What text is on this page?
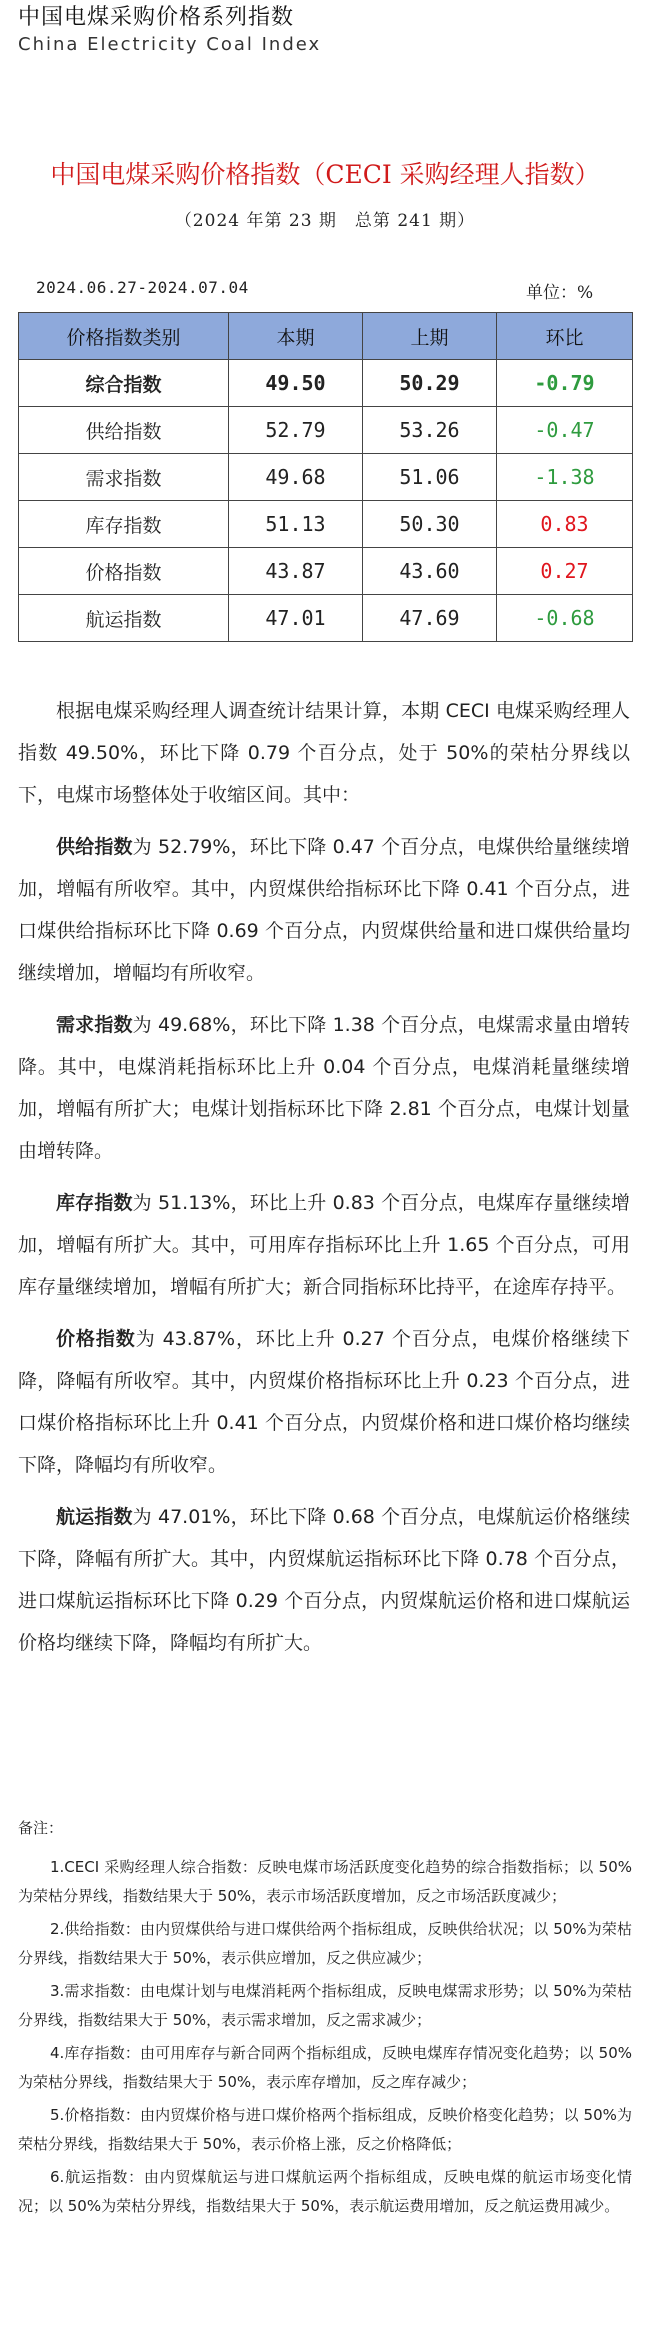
中国电煤采购价格系列指数
China Electricity Coal Index
中国电煤采购价格指数（CECI 采购经理人指数）
（2024 年第 23 期　总第 241 期）
2024.06.27-2024.07.04	单位：%
价格指数类别	本期	上期	环比
综合指数	49.50	50.29	-0.79
供给指数	52.79	53.26	-0.47
需求指数	49.68	51.06	-1.38
库存指数	51.13	50.30	0.83
价格指数	43.87	43.60	0.27
航运指数	47.01	47.69	-0.68

根据电煤采购经理人调查统计结果计算，本期 CECI 电煤采购经理人指数 49.50%，环比下降 0.79 个百分点，处于 50%的荣枯分界线以下，电煤市场整体处于收缩区间。其中：

供给指数为 52.79%，环比下降 0.47 个百分点，电煤供给量继续增加，增幅有所收窄。其中，内贸煤供给指标环比下降 0.41 个百分点，进口煤供给指标环比下降 0.69 个百分点，内贸煤供给量和进口煤供给量均继续增加，增幅均有所收窄。

需求指数为 49.68%，环比下降 1.38 个百分点，电煤需求量由增转降。其中，电煤消耗指标环比上升 0.04 个百分点，电煤消耗量继续增加，增幅有所扩大；电煤计划指标环比下降 2.81 个百分点，电煤计划量由增转降。

库存指数为 51.13%，环比上升 0.83 个百分点，电煤库存量继续增加，增幅有所扩大。其中，可用库存指标环比上升 1.65 个百分点，可用库存量继续增加，增幅有所扩大；新合同指标环比持平，在途库存持平。

价格指数为 43.87%，环比上升 0.27 个百分点，电煤价格继续下降，降幅有所收窄。其中，内贸煤价格指标环比上升 0.23 个百分点，进口煤价格指标环比上升 0.41 个百分点，内贸煤价格和进口煤价格均继续下降，降幅均有所收窄。

航运指数为 47.01%，环比下降 0.68 个百分点，电煤航运价格继续下降，降幅有所扩大。其中，内贸煤航运指标环比下降 0.78 个百分点，进口煤航运指标环比下降 0.29 个百分点，内贸煤航运价格和进口煤航运价格均继续下降，降幅均有所扩大。

备注：

1.CECI 采购经理人综合指数：反映电煤市场活跃度变化趋势的综合指数指标；以 50%为荣枯分界线，指数结果大于 50%，表示市场活跃度增加，反之市场活跃度减少；

2.供给指数：由内贸煤供给与进口煤供给两个指标组成，反映供给状况；以 50%为荣枯分界线，指数结果大于 50%，表示供应增加，反之供应减少；

3.需求指数：由电煤计划与电煤消耗两个指标组成，反映电煤需求形势；以 50%为荣枯分界线，指数结果大于 50%，表示需求增加，反之需求减少；

4.库存指数：由可用库存与新合同两个指标组成，反映电煤库存情况变化趋势；以 50%为荣枯分界线，指数结果大于 50%，表示库存增加，反之库存减少；

5.价格指数：由内贸煤价格与进口煤价格两个指标组成，反映价格变化趋势；以 50%为荣枯分界线，指数结果大于 50%，表示价格上涨，反之价格降低；

6.航运指数：由内贸煤航运与进口煤航运两个指标组成，反映电煤的航运市场变化情况；以 50%为荣枯分界线，指数结果大于 50%，表示航运费用增加，反之航运费用减少。
